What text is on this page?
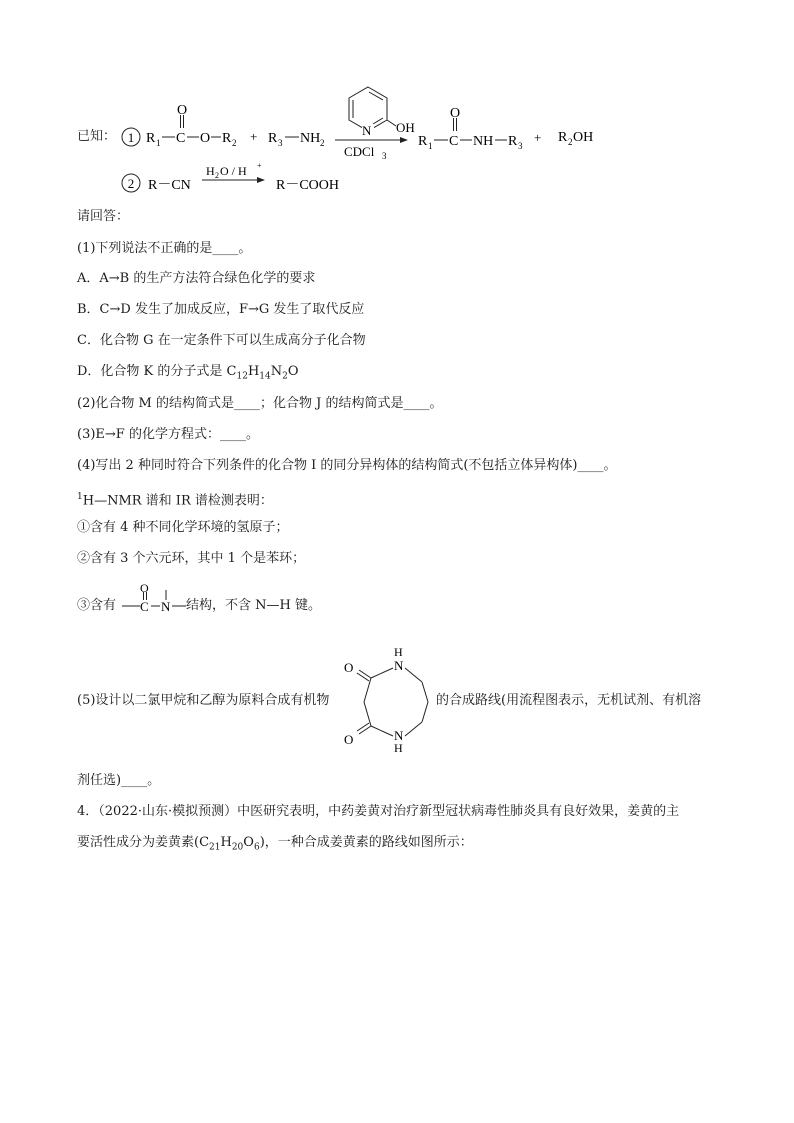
已知： 1 R 1 C
O
O R 2 + R 3 NH 2
N OH
CDCl 3
R 1 C
O
NH R 3
+ R 2 OH
2 R－CN
H 2 O / H +
R－COOH
请回答：
(1)下列说法不正确的是____。
A．A→B 的生产方法符合绿色化学的要求
B．C→D 发生了加成反应，F→G 发生了取代反应
C．化合物 G 在一定条件下可以生成高分子化合物
D．化合物 K 的分子式是 $C_{12}H_{14}N_2O$
(2)化合物 M 的结构简式是____；化合物 J 的结构简式是____。
(3)E→F 的化学方程式：____。
(4)写出 2 种同时符合下列条件的化合物 I 的同分异构体的结构简式(不包括立体异构体)____。
$^1$H—NMR 谱和 IR 谱检测表明：
①含有 4 种不同化学环境的氢原子；
②含有 3 个六元环，其中 1 个是苯环；
③含有	结构，不含 N—H 键。
C
O
N
(5)设计以二氯甲烷和乙醇为原料合成有机物	的合成路线(用流程图表示，无机试剂、有机溶
O	N
H
O	N
H
剂任选)____。
4．（2022·山东·模拟预测）中医研究表明，中药姜黄对治疗新型冠状病毒性肺炎具有良好效果，姜黄的主
要活性成分为姜黄素$(C_{21}H_{20}O_6)$，一种合成姜黄素的路线如图所示：
